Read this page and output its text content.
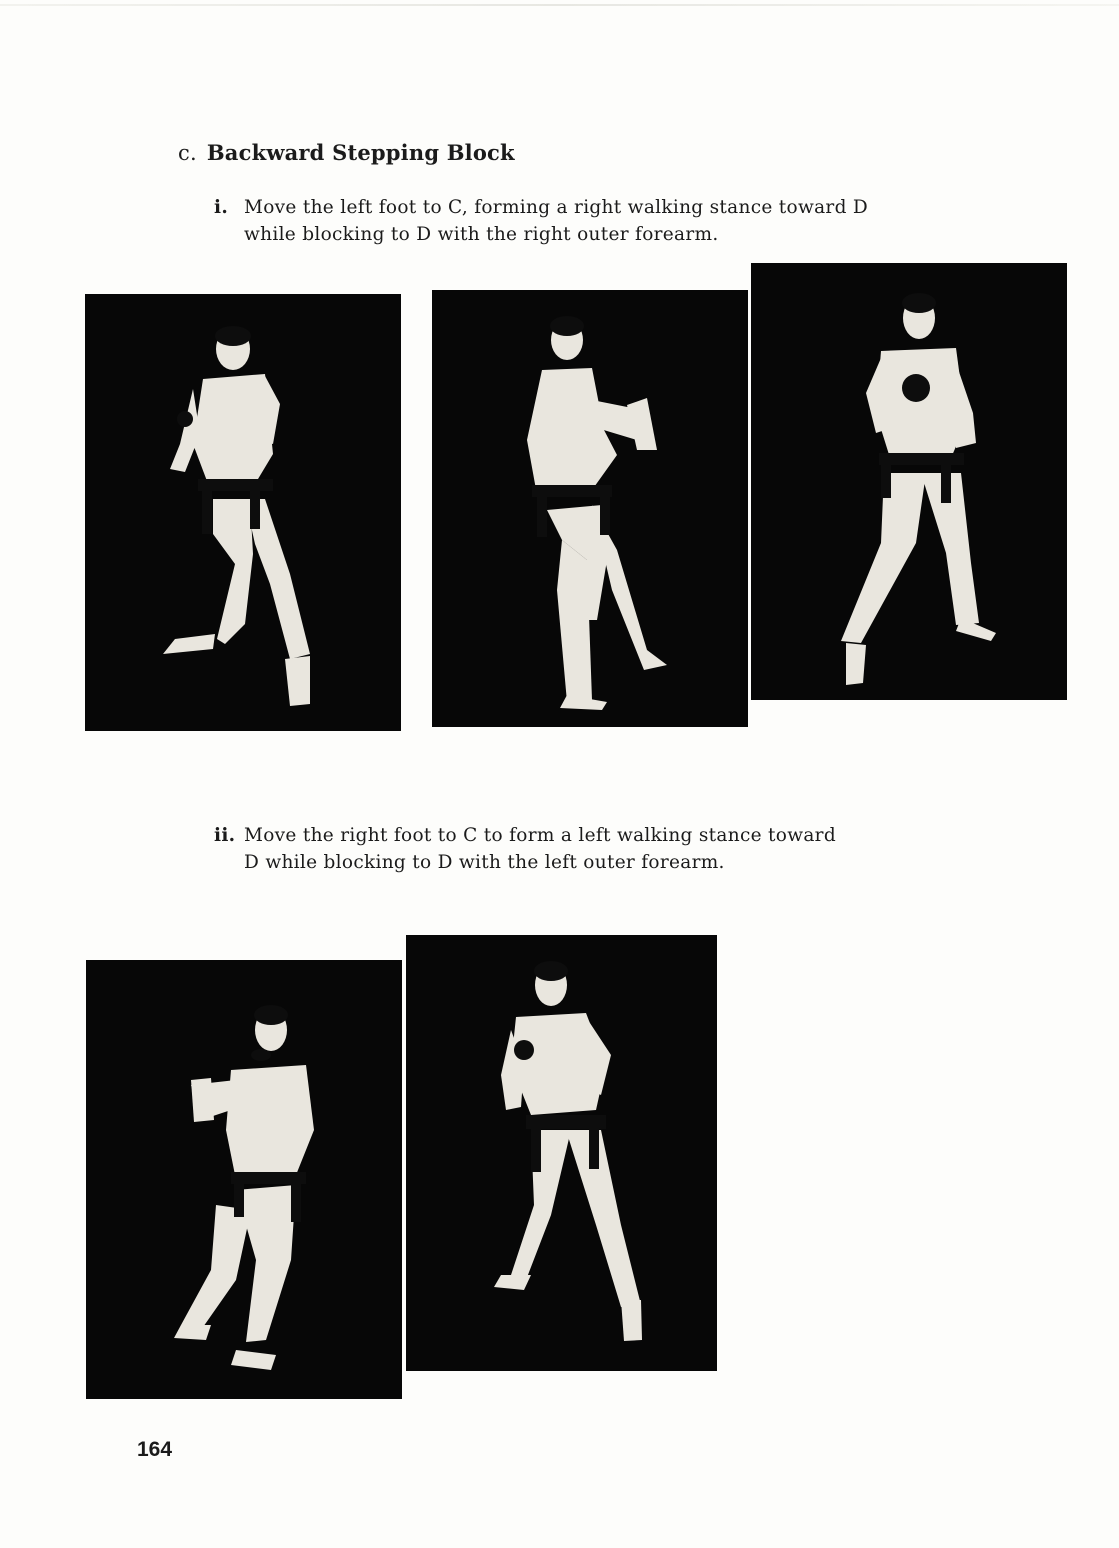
c. Backward Stepping Block
i. Move the left foot to C, forming a right walking stance toward D
while blocking to D with the right outer forearm.
ii. Move the right foot to C to form a left walking stance toward
D while blocking to D with the left outer forearm.
164
